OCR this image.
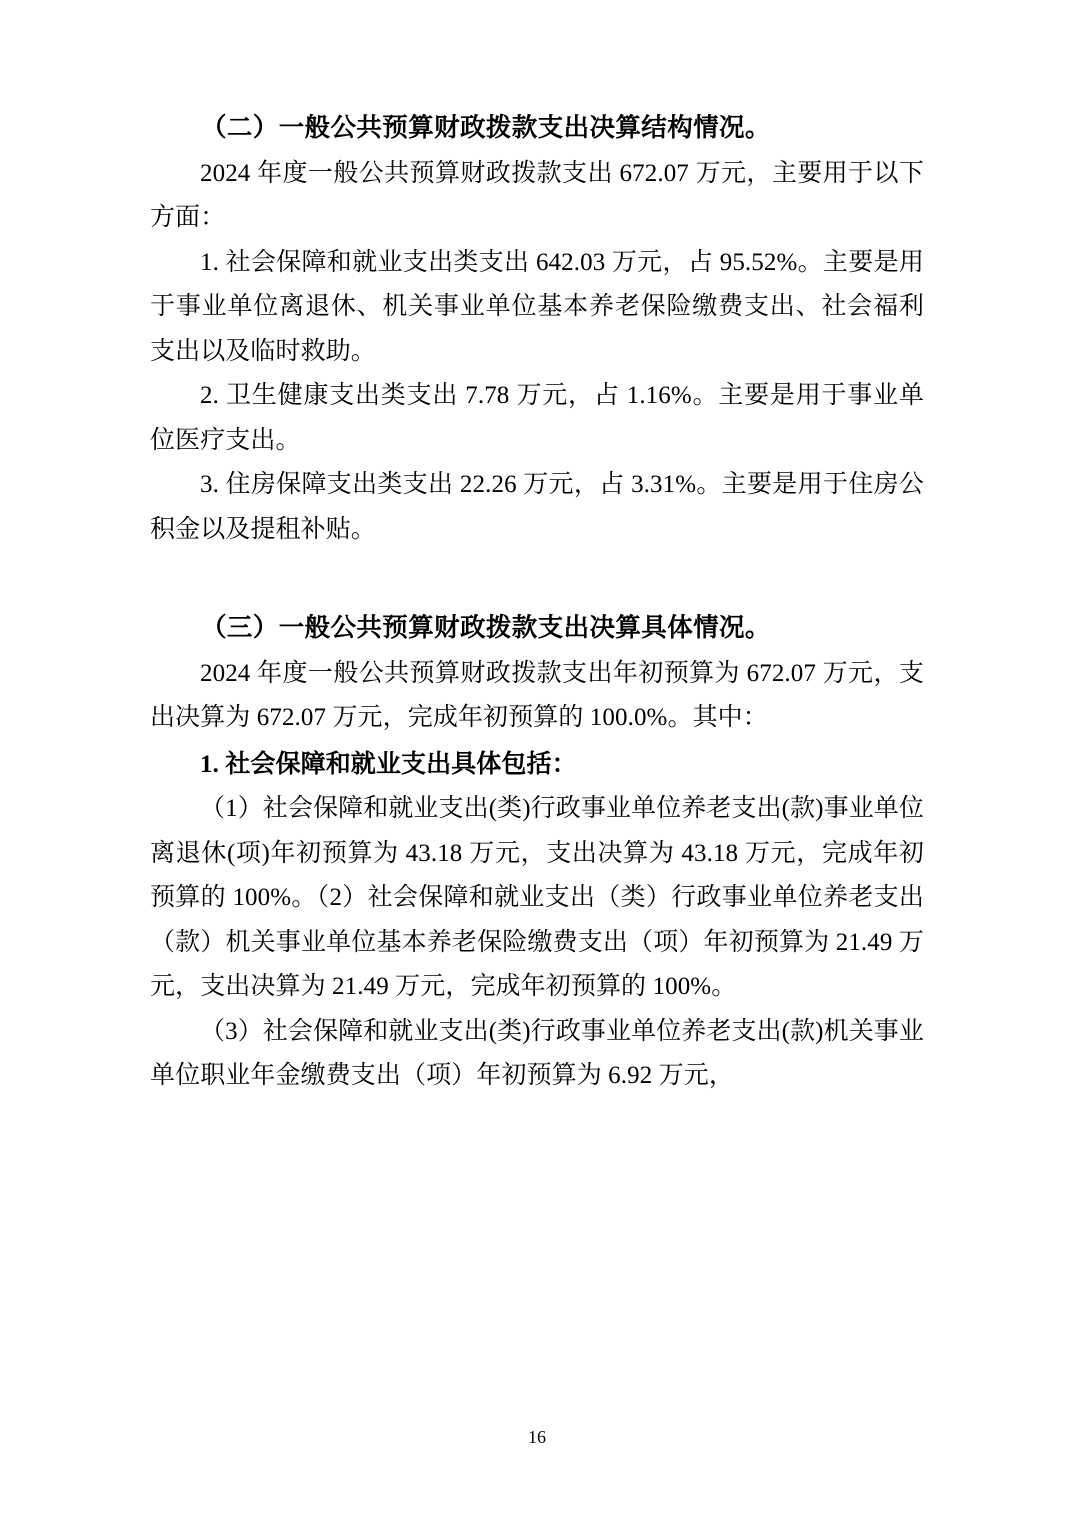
（二）一般公共预算财政拨款支出决算结构情况。

2024 年度一般公共预算财政拨款支出 672.07 万元，主要用于以下方面：

1. 社会保障和就业支出类支出 642.03 万元，占 95.52%。主要是用于事业单位离退休、机关事业单位基本养老保险缴费支出、社会福利支出以及临时救助。

2. 卫生健康支出类支出 7.78 万元，占 1.16%。主要是用于事业单位医疗支出。

3. 住房保障支出类支出 22.26 万元，占 3.31%。主要是用于住房公积金以及提租补贴。

（三）一般公共预算财政拨款支出决算具体情况。

2024 年度一般公共预算财政拨款支出年初预算为 672.07 万元，支出决算为 672.07 万元，完成年初预算的 100.0%。其中：

1. 社会保障和就业支出具体包括：

（1）社会保障和就业支出(类)行政事业单位养老支出(款)事业单位离退休(项)年初预算为 43.18 万元，支出决算为 43.18 万元，完成年初预算的 100%。（2）社会保障和就业支出（类）行政事业单位养老支出（款）机关事业单位基本养老保险缴费支出（项）年初预算为 21.49 万元，支出决算为 21.49 万元，完成年初预算的 100%。

（3）社会保障和就业支出(类)行政事业单位养老支出(款)机关事业单位职业年金缴费支出（项）年初预算为 6.92 万元，

16
